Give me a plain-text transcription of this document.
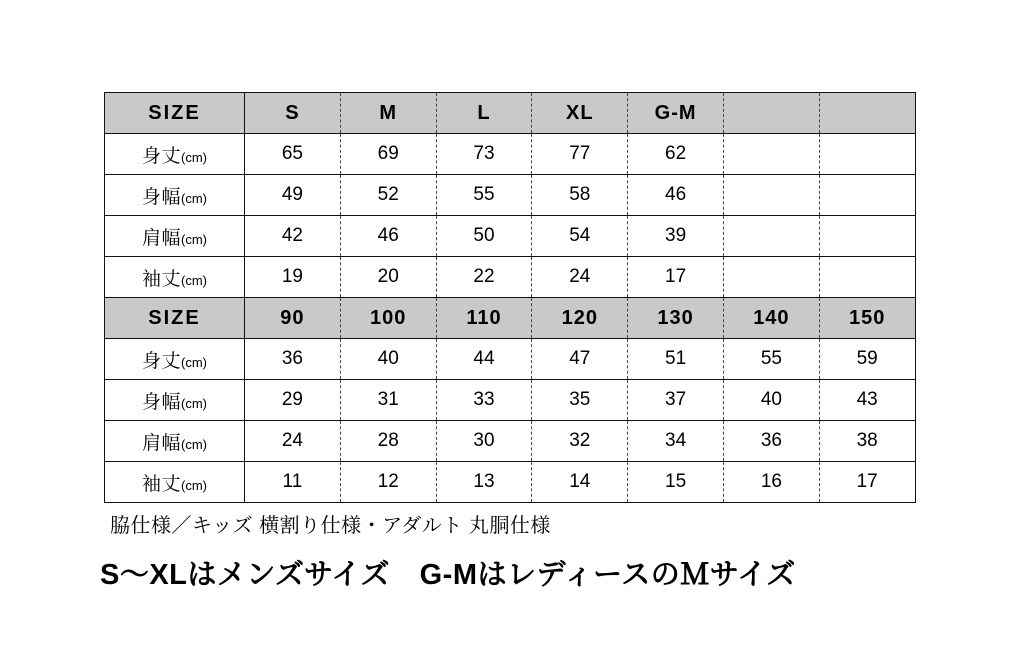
SIZE	S	M	L	XL	G-M		
身丈(cm)	65	69	73	77	62		
身幅(cm)	49	52	55	58	46		
肩幅(cm)	42	46	50	54	39		
袖丈(cm)	19	20	22	24	17		
SIZE	90	100	110	120	130	140	150
身丈(cm)	36	40	44	47	51	55	59
身幅(cm)	29	31	33	35	37	40	43
肩幅(cm)	24	28	30	32	34	36	38
袖丈(cm)	11	12	13	14	15	16	17
脇仕様／キッズ 横割り仕様・アダルト 丸胴仕様
S〜XLはメンズサイズ　G-MはレディースのＭサイズ
